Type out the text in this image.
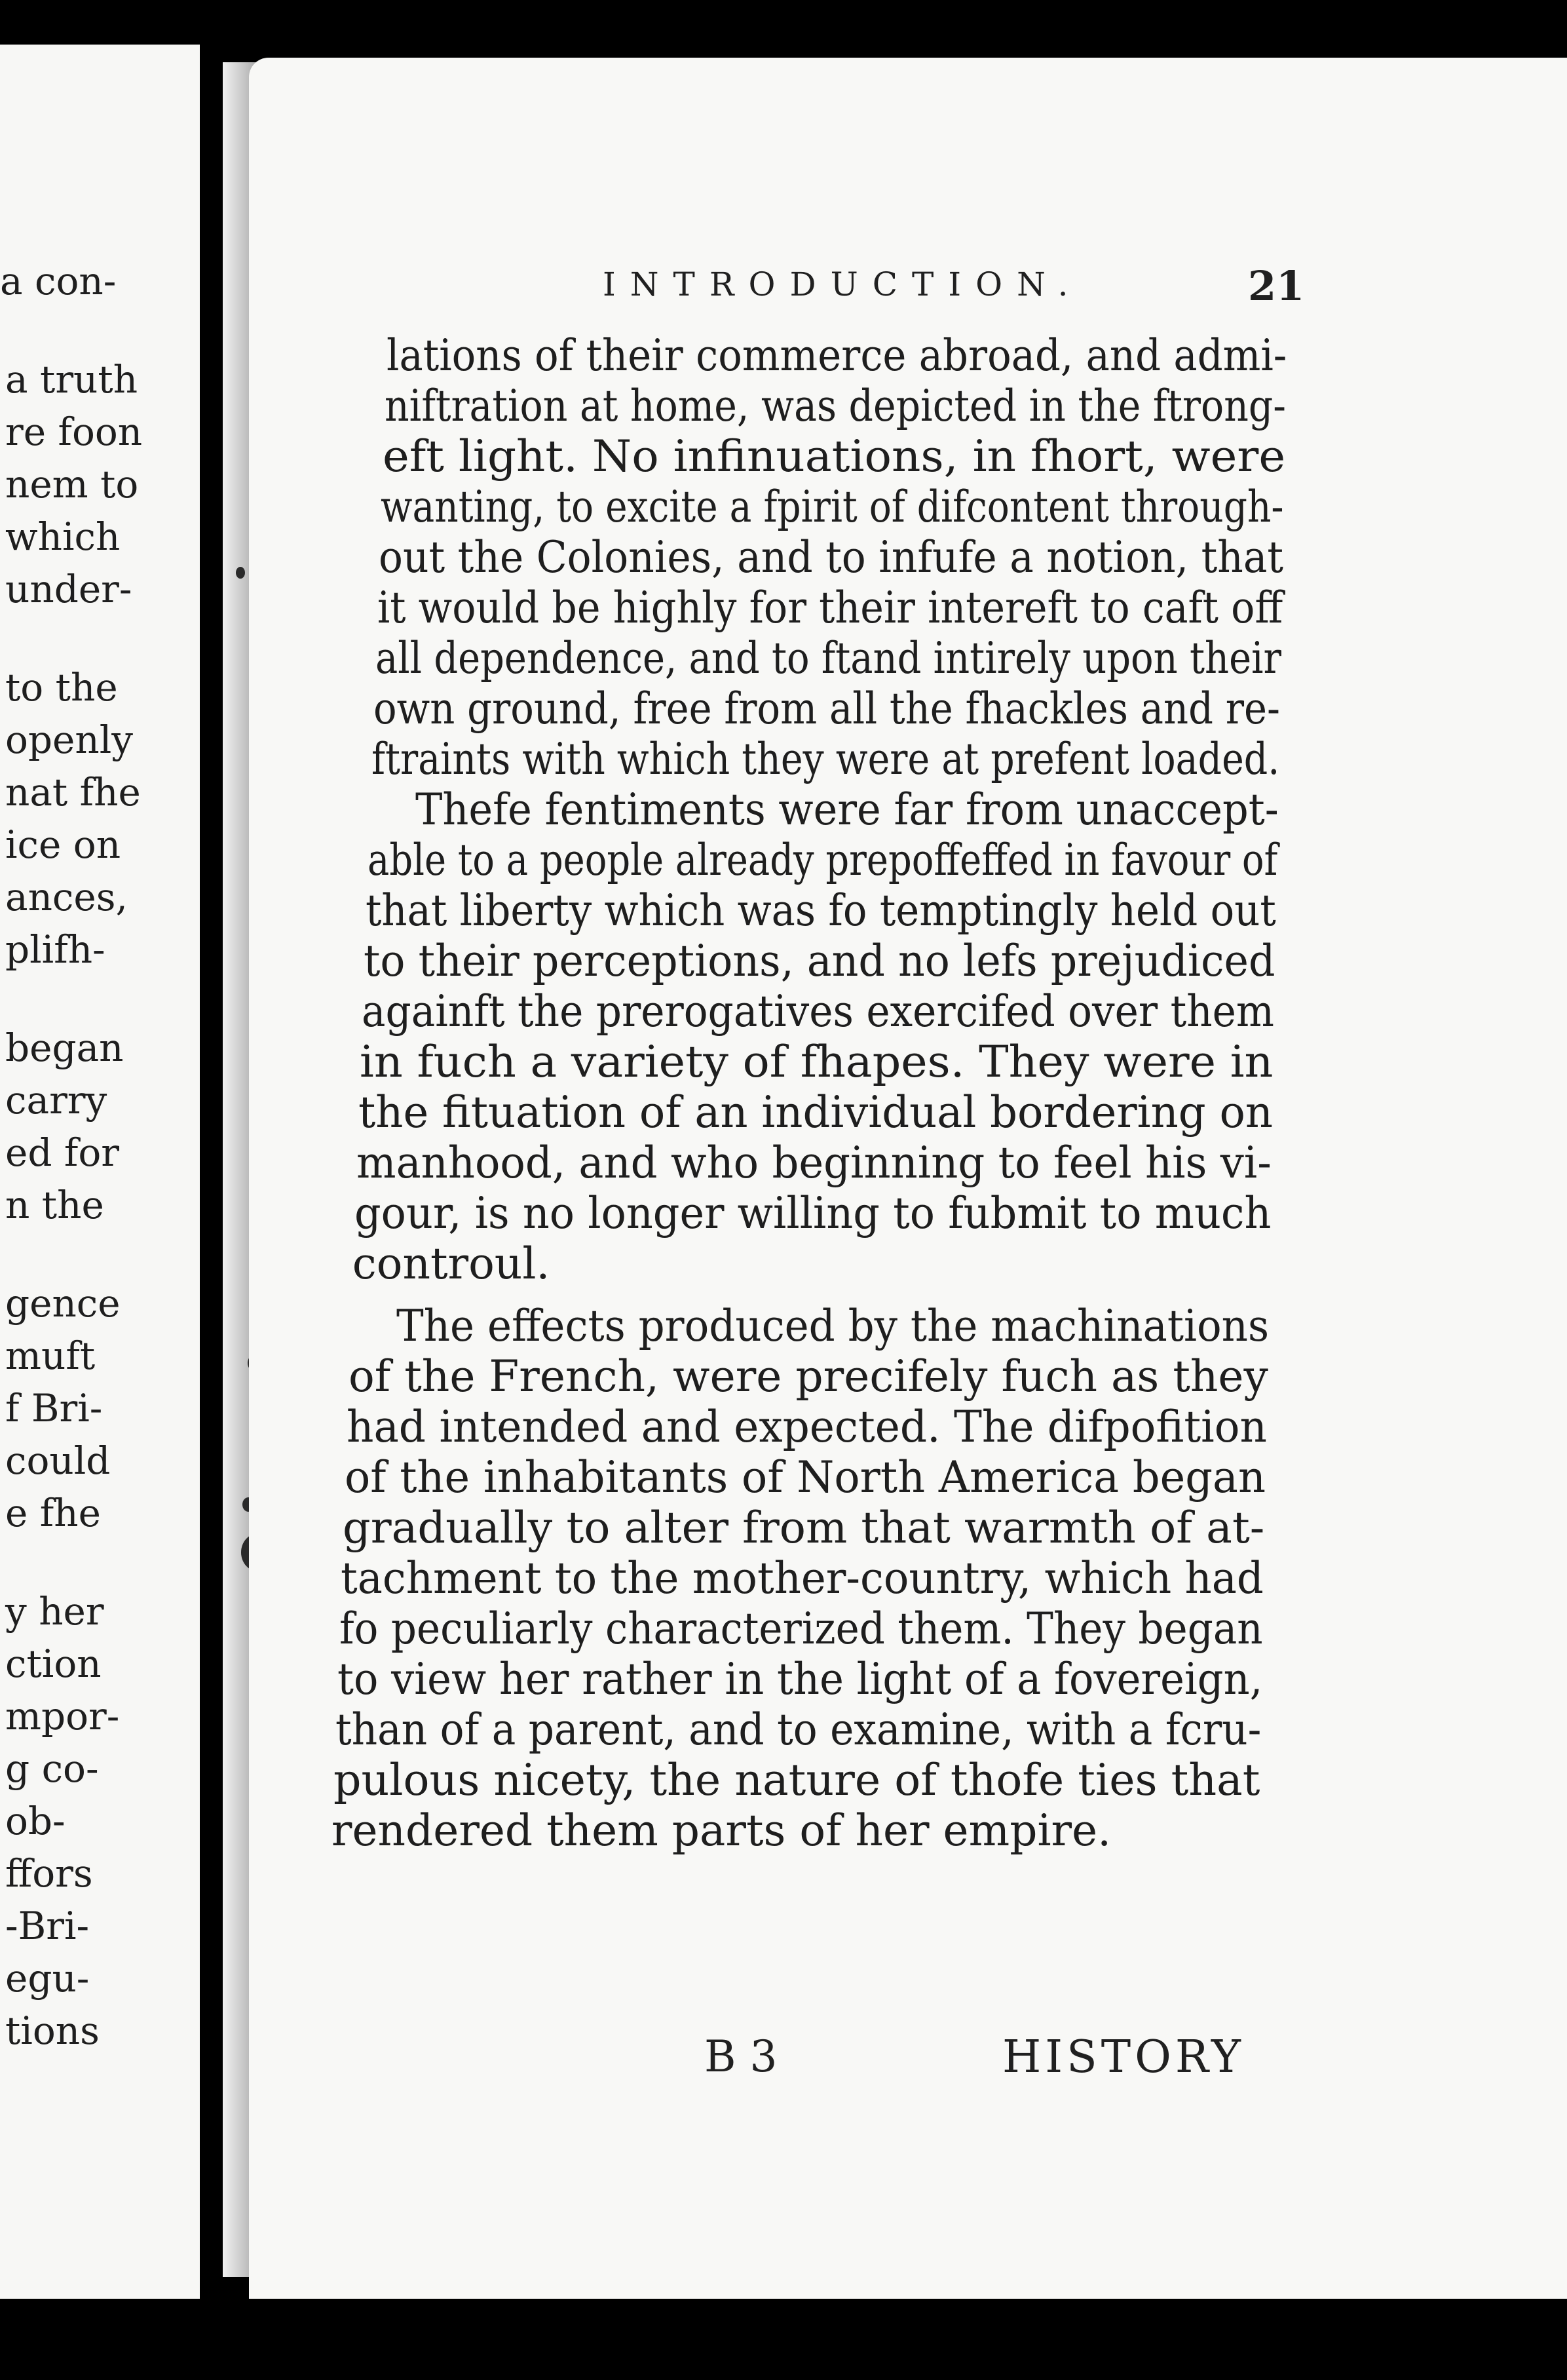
a con-
a truth
re foon
nem to
which
under-
to the
openly
nat fhe
ice on
ances,
plifh-
began
carry
ed for
n the
gence
muft
f Bri-
could
e fhe
y her
ction
mpor-
g co-
ob-
ffors
-Bri-
egu-
tions
INTRODUCTION.	21
lations of their commerce abroad, and admi-
niftration at home, was depicted in the ftrong-
eft light. No infinuations, in fhort, were
wanting, to excite a fpirit of difcontent through-
out the Colonies, and to infufe a notion, that
it would be highly for their intereft to caft off
all dependence, and to ftand intirely upon their
own ground, free from all the fhackles and re-
ftraints with which they were at prefent loaded.
Thefe fentiments were far from unaccept-
able to a people already prepoffeffed in favour of
that liberty which was fo temptingly held out
to their perceptions, and no lefs prejudiced
againft the prerogatives exercifed over them
in fuch a variety of fhapes. They were in
the fituation of an individual bordering on
manhood, and who beginning to feel his vi-
gour, is no longer willing to fubmit to much
controul.
The effects produced by the machinations
of the French, were precifely fuch as they
had intended and expected. The difpofition
of the inhabitants of North America began
gradually to alter from that warmth of at-
tachment to the mother-country, which had
fo peculiarly characterized them. They began
to view her rather in the light of a fovereign,
than of a parent, and to examine, with a fcru-
pulous nicety, the nature of thofe ties that
rendered them parts of her empire.
B 3	HISTORY
